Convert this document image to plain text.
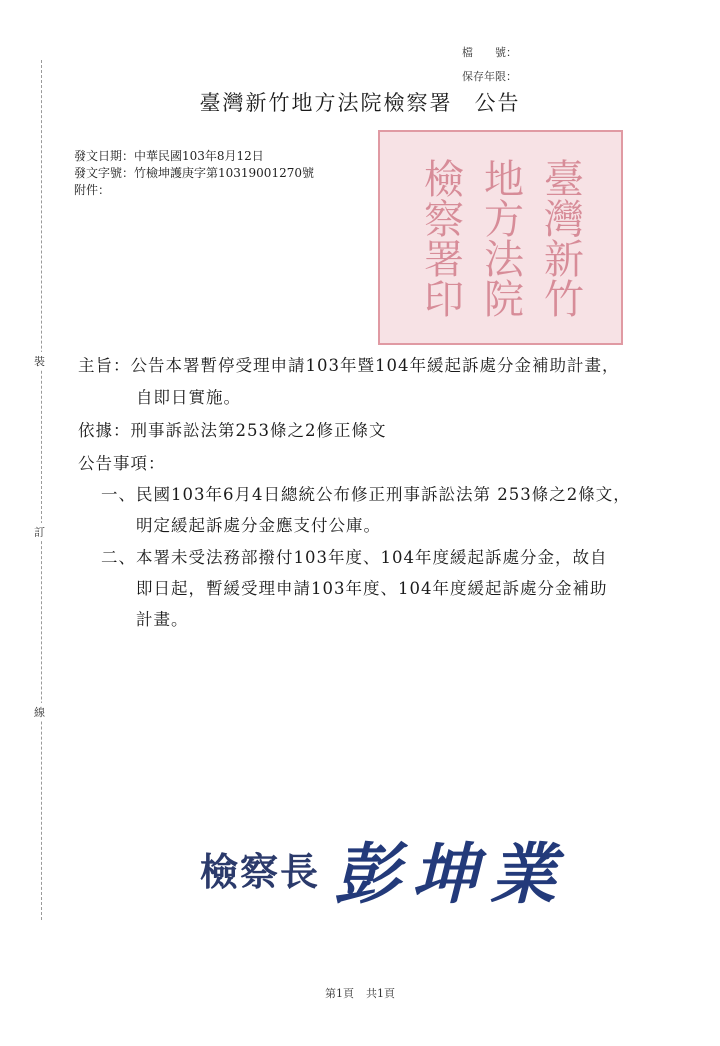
裝
訂
線
檔　　號：
保存年限：
臺灣新竹地方法院檢察署 公告
發文日期：中華民國103年8月12日
發文字號：竹檢坤護庚字第10319001270號
附件：	臺
灣
新
竹
地
方
法
院
檢
察
署
印
主旨：公告本署暫停受理申請103年暨104年緩起訴處分金補助計畫，
自即日實施。
依據：刑事訴訟法第253條之2修正條文
公告事項：
一、民國103年6月4日總統公布修正刑事訴訟法第 253條之2條文，
明定緩起訴處分金應支付公庫。
二、本署未受法務部撥付103年度、104年度緩起訴處分金，故自
即日起，暫緩受理申請103年度、104年度緩起訴處分金補助
計畫。
檢察長 彭坤業
第1頁 共1頁
